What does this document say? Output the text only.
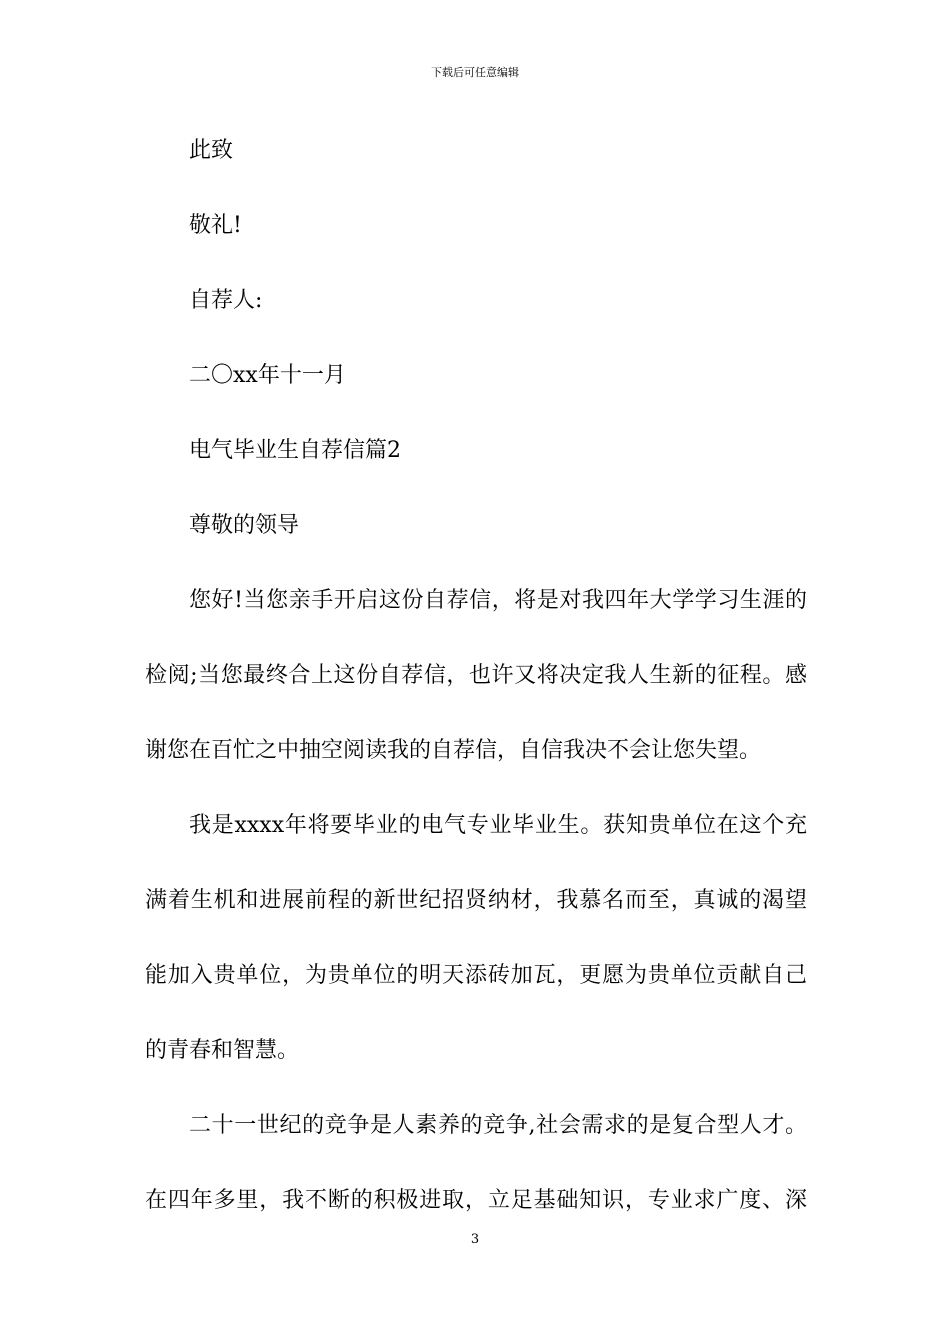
下载后可任意编辑
此致
敬礼!
自荐人:
二〇xx年十一月
电气毕业生自荐信篇2
尊敬的领导
您好!当您亲手开启这份自荐信，将是对我四年大学学习生涯的
检阅;当您最终合上这份自荐信，也许又将决定我人生新的征程。感
谢您在百忙之中抽空阅读我的自荐信，自信我决不会让您失望。
我是xxxx年将要毕业的电气专业毕业生。获知贵单位在这个充
满着生机和进展前程的新世纪招贤纳材，我慕名而至，真诚的渴望
能加入贵单位，为贵单位的明天添砖加瓦，更愿为贵单位贡献自己
的青春和智慧。
二十一世纪的竞争是人素养的竞争,社会需求的是复合型人才。
在四年多里，我不断的积极进取，立足基础知识，专业求广度、深
3
